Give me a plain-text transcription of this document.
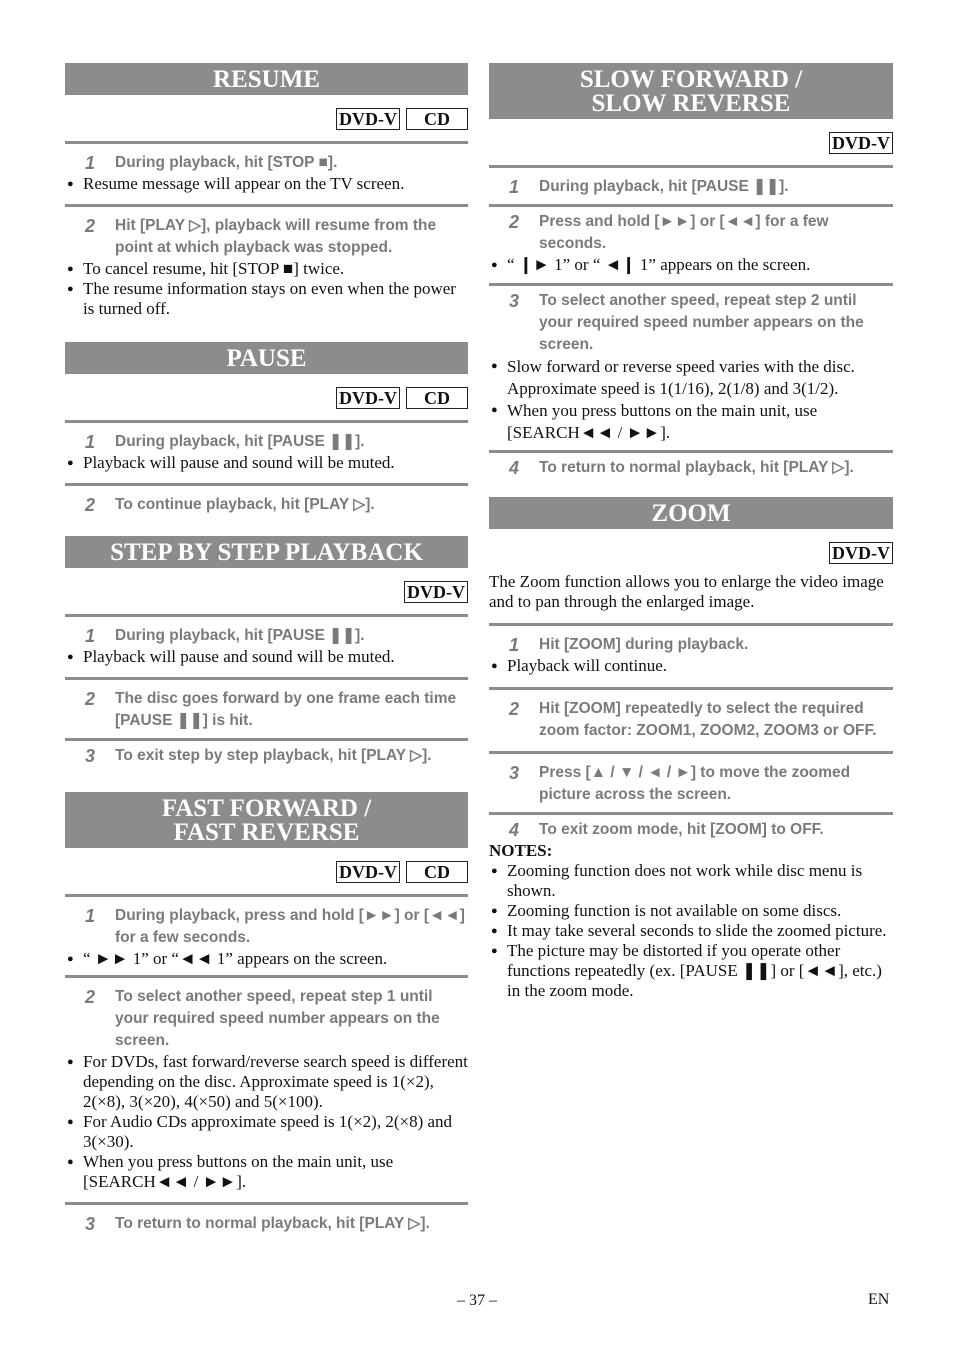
RESUME
DVD-V CD
1	During playback, hit [STOP ■].
● Resume message will appear on the TV screen.
2	Hit [PLAY ▷], playback will resume from the point at which playback was stopped.
● To cancel resume, hit [STOP ■] twice.
● The resume information stays on even when the power is turned off.
PAUSE
DVD-V CD
1	During playback, hit [PAUSE ❚❚].
● Playback will pause and sound will be muted.
2	To continue playback, hit [PLAY ▷].
STEP BY STEP PLAYBACK
DVD-V
1	During playback, hit [PAUSE ❚❚].
● Playback will pause and sound will be muted.
2	The disc goes forward by one frame each time [PAUSE ❚❚] is hit.
3	To exit step by step playback, hit [PLAY ▷].
FAST FORWARD /
FAST REVERSE
DVD-V CD
1	During playback, press and hold [►►] or [◄◄] for a few seconds.
● “ ►► 1” or “◄◄ 1” appears on the screen.
2	To select another speed, repeat step 1 until your required speed number appears on the screen.
● For DVDs, fast forward/reverse search speed is different depending on the disc. Approximate speed is 1(×2), 2(×8), 3(×20), 4(×50) and 5(×100).
● For Audio CDs approximate speed is 1(×2), 2(×8) and 3(×30).
● When you press buttons on the main unit, use [SEARCH◄◄ / ►►].
3	To return to normal playback, hit [PLAY ▷].
SLOW FORWARD /
SLOW REVERSE
DVD-V
1	During playback, hit [PAUSE ❚❚].
2	Press and hold [►►] or [◄◄] for a few seconds.
● “ ❙► 1” or “ ◄❙ 1” appears on the screen.
3	To select another speed, repeat step 2 until your required speed number appears on the screen.
● Slow forward or reverse speed varies with the disc. Approximate speed is 1(1/16), 2(1/8) and 3(1/2).
● When you press buttons on the main unit, use [SEARCH◄◄ / ►►].
4	To return to normal playback, hit [PLAY ▷].
ZOOM
DVD-V
The Zoom function allows you to enlarge the video image and to pan through the enlarged image.
1	Hit [ZOOM] during playback.
● Playback will continue.
2	Hit [ZOOM] repeatedly to select the required zoom factor: ZOOM1, ZOOM2, ZOOM3 or OFF.
3	Press [▲ / ▼ / ◄ / ►] to move the zoomed picture across the screen.
4	To exit zoom mode, hit [ZOOM] to OFF.
NOTES:
● Zooming function does not work while disc menu is shown.
● Zooming function is not available on some discs.
● It may take several seconds to slide the zoomed picture.
● The picture may be distorted if you operate other functions repeatedly (ex. [PAUSE ❚❚] or [◄◄], etc.) in the zoom mode.
– 37 –	EN
